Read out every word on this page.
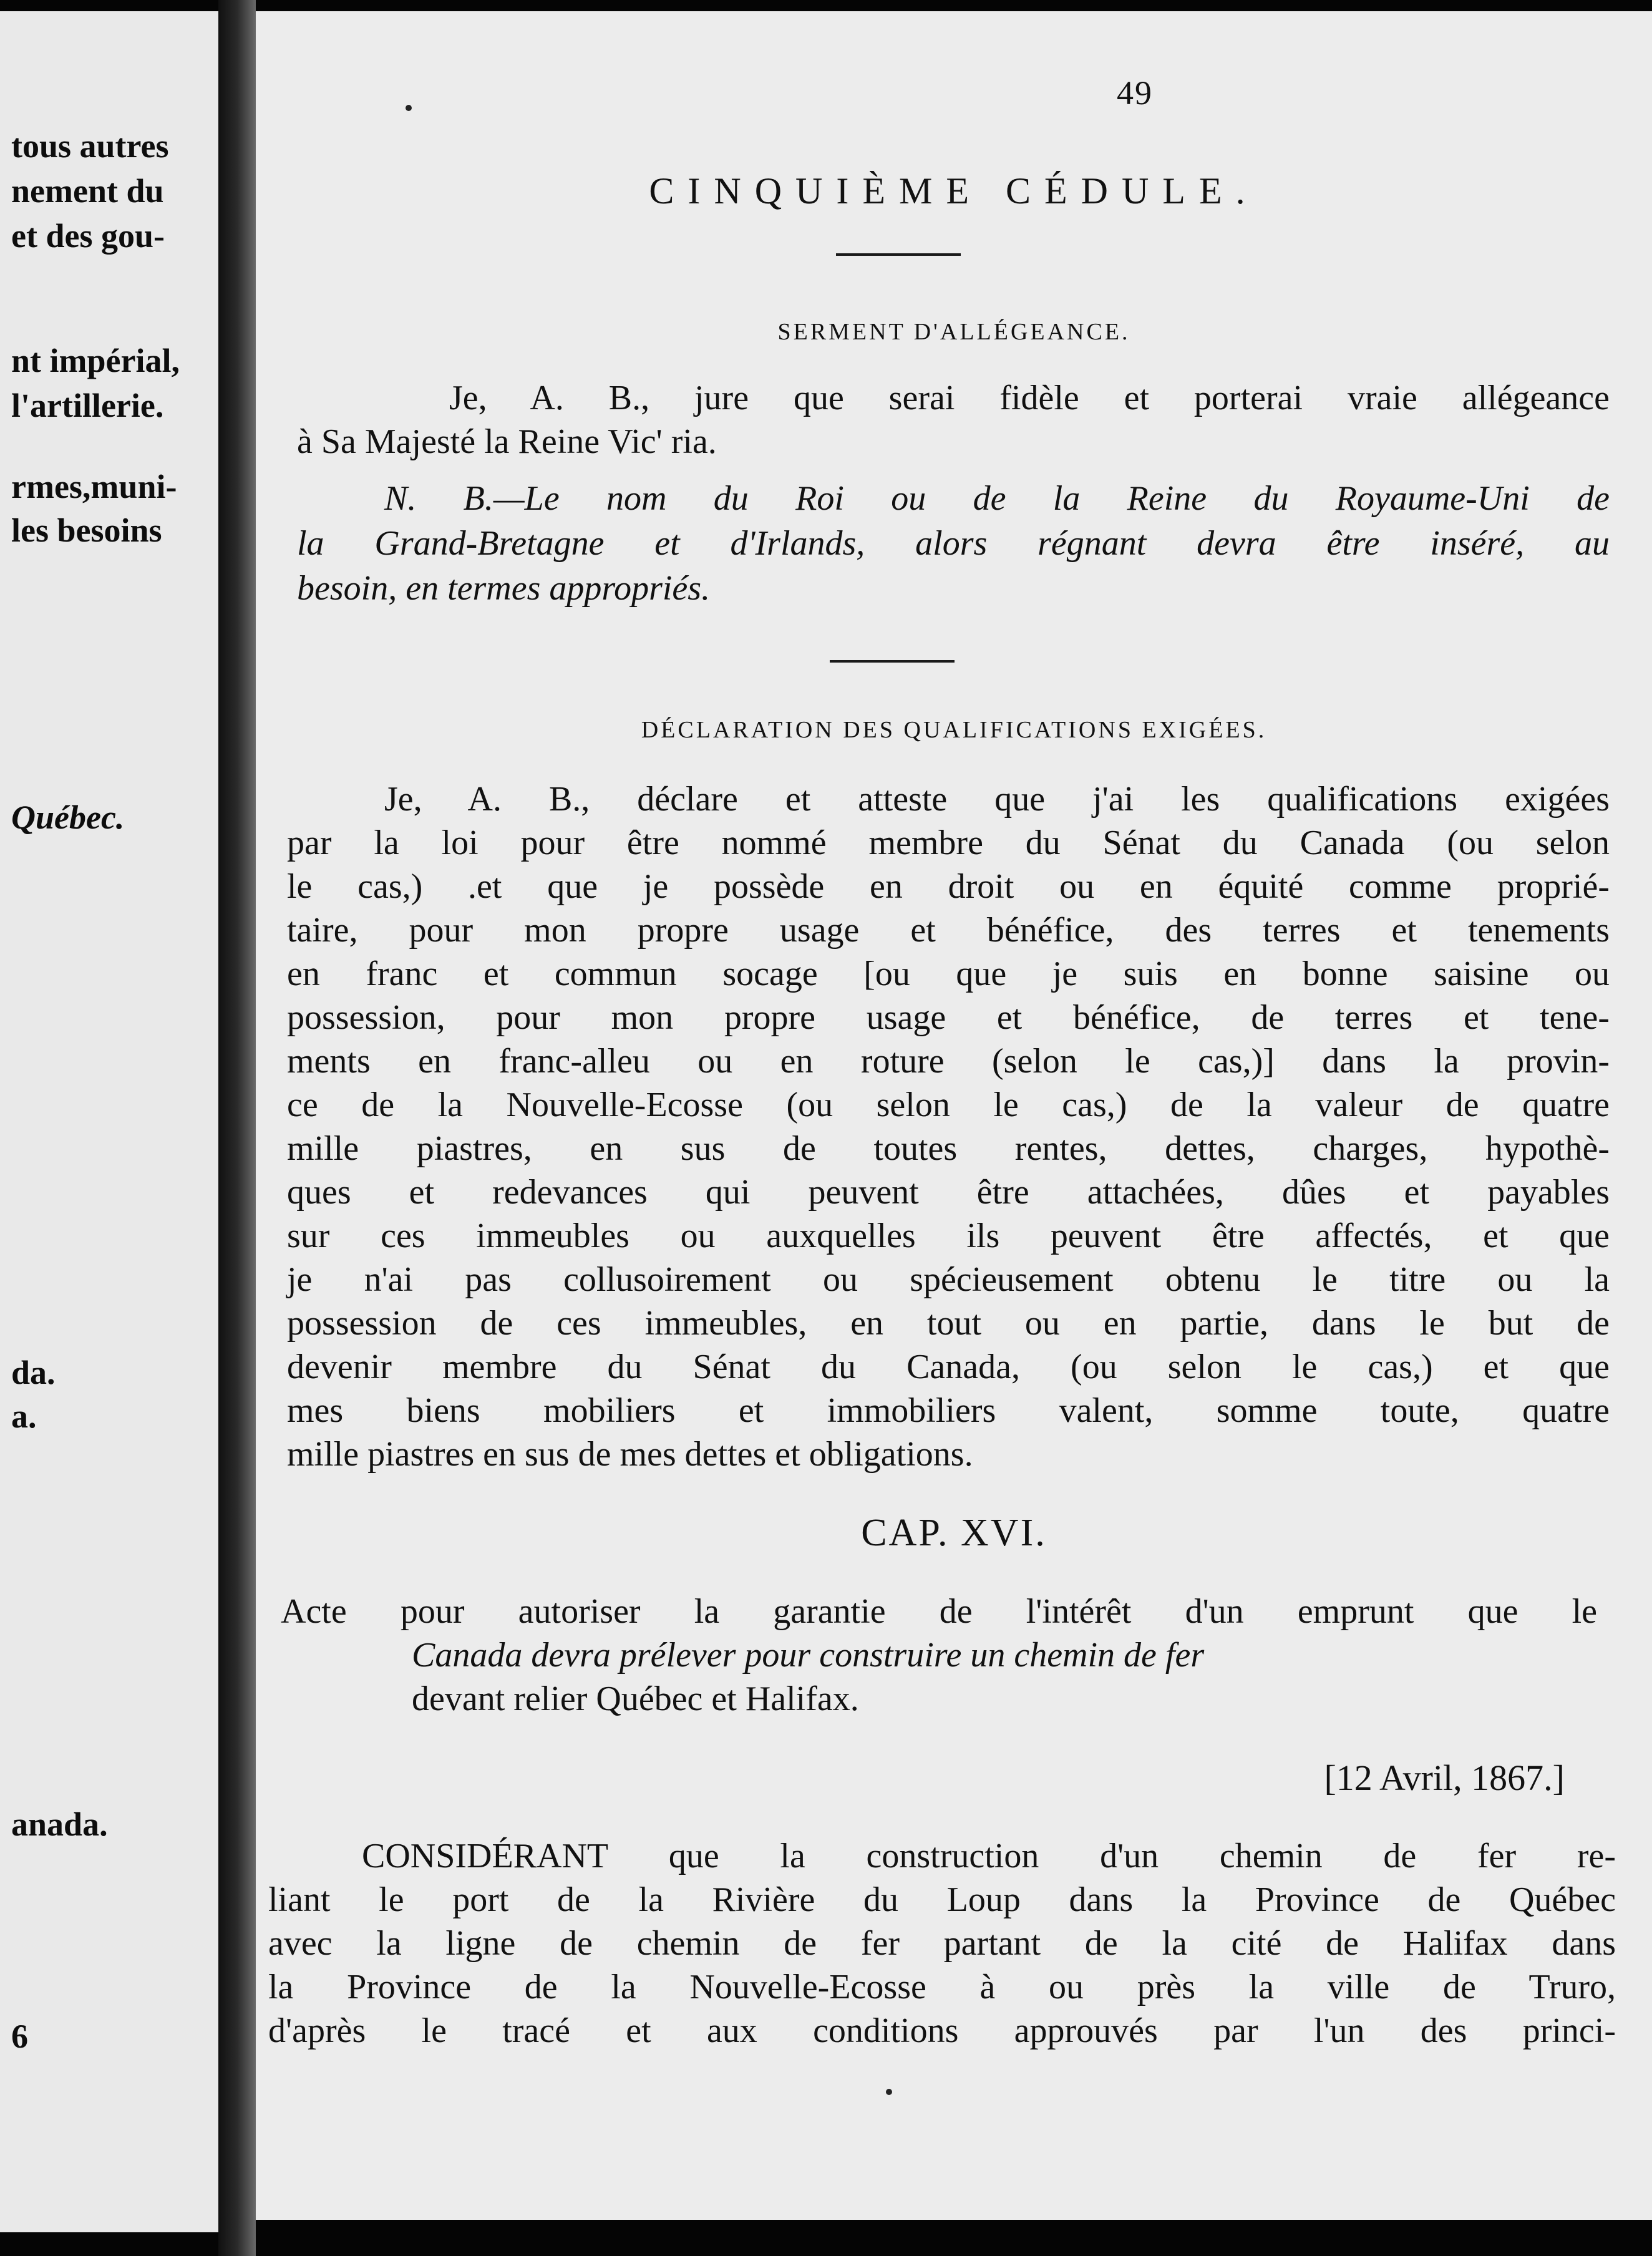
tous autres
nement du
et des gou-
nt impérial,
l'artillerie.
rmes,muni-
les besoins
Québec.
da.
a.
anada.
6
49
CINQUIÈME CÉDULE.
SERMENT D'ALLÉGEANCE.
Je, A. B., jure que serai fidèle et porterai vraie allégeance
à Sa Majesté la Reine Vic' ria.
N. B.—Le nom du Roi ou de la Reine du Royaume-Uni de
la Grand-Bretagne et d'Irlands, alors régnant devra être inséré, au
besoin, en termes appropriés.
DÉCLARATION DES QUALIFICATIONS EXIGÉES.
Je, A. B., déclare et atteste que j'ai les qualifications exigées
par la loi pour être nommé membre du Sénat du Canada (ou selon
le cas,) .et que je possède en droit ou en équité comme proprié-
taire, pour mon propre usage et bénéfice, des terres et tenements
en franc et commun socage [ou que je suis en bonne saisine ou
possession, pour mon propre usage et bénéfice, de terres et tene-
ments en franc-alleu ou en roture (selon le cas,)] dans la provin-
ce de la Nouvelle-Ecosse (ou selon le cas,) de la valeur de quatre
mille piastres, en sus de toutes rentes, dettes, charges, hypothè-
ques et redevances qui peuvent être attachées, dûes et payables
sur ces immeubles ou auxquelles ils peuvent être affectés, et que
je n'ai pas collusoirement ou spécieusement obtenu le titre ou la
possession de ces immeubles, en tout ou en partie, dans le but de
devenir membre du Sénat du Canada, (ou selon le cas,) et que
mes biens mobiliers et immobiliers valent, somme toute, quatre
mille piastres en sus de mes dettes et obligations.
CAP. XVI.
Acte pour autoriser la garantie de l'intérêt d'un emprunt que le
Canada devra prélever pour construire un chemin de fer
devant relier Québec et Halifax.
[12 Avril, 1867.]
CONSIDÉRANT que la construction d'un chemin de fer re-
liant le port de la Rivière du Loup dans la Province de Québec
avec la ligne de chemin de fer partant de la cité de Halifax dans
la Province de la Nouvelle-Ecosse à ou près la ville de Truro,
d'après le tracé et aux conditions approuvés par l'un des princi-
